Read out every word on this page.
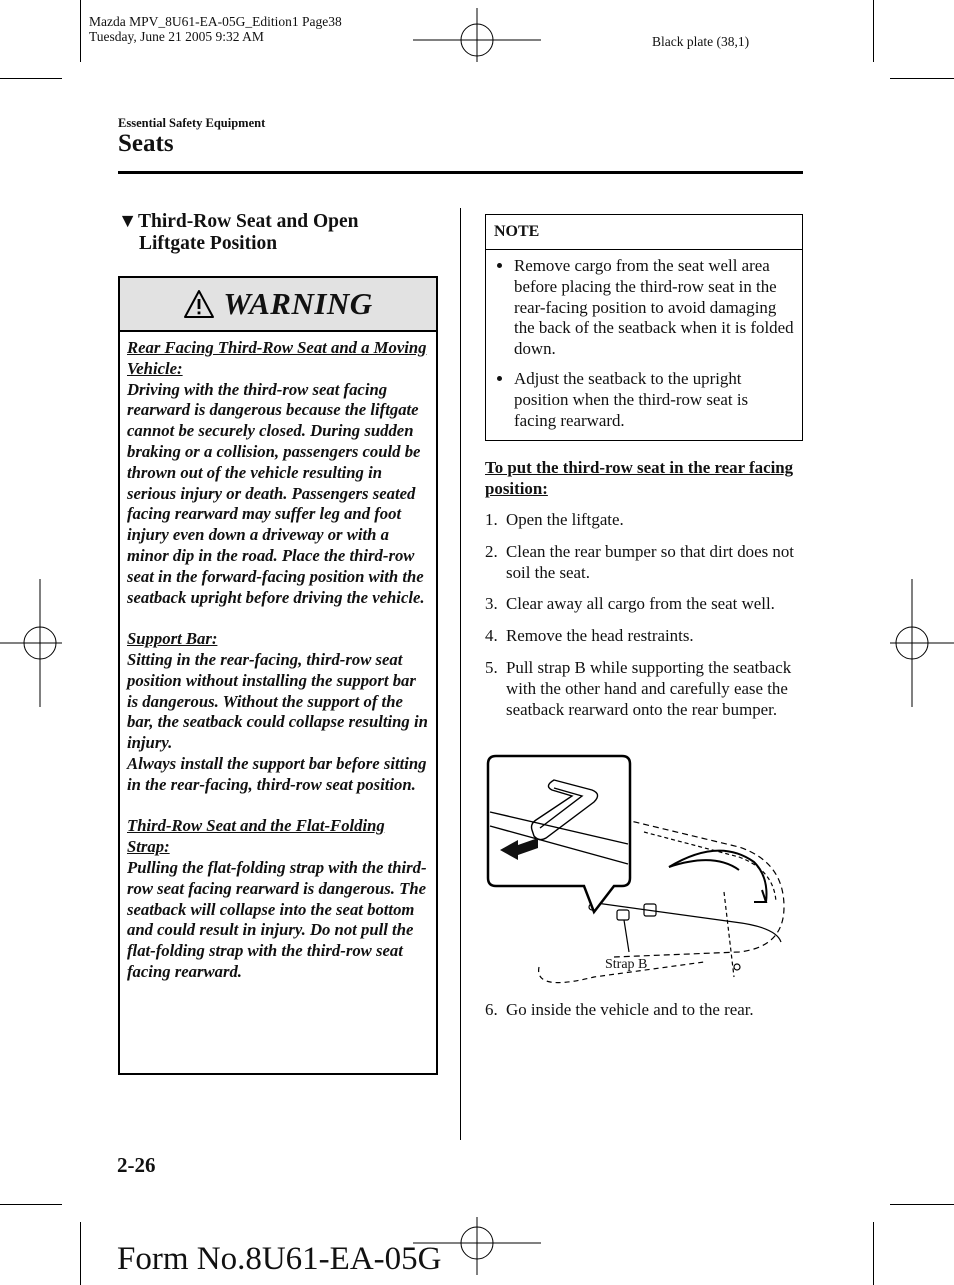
Mazda MPV_8U61-EA-05G_Edition1 Page38
Tuesday, June 21 2005 9:32 AM	Black plate (38,1)
Essential Safety Equipment
Seats
▼Third-Row Seat and Open
Liftgate Position
WARNING

Rear Facing Third-Row Seat and a Moving Vehicle:
Driving with the third-row seat facing rearward is dangerous because the liftgate cannot be securely closed. During sudden braking or a collision, passengers could be thrown out of the vehicle resulting in serious injury or death. Passengers seated facing rearward may suffer leg and foot injury even down a driveway or with a minor dip in the road. Place the third-row seat in the forward-facing position with the seatback upright before driving the vehicle.

Support Bar:
Sitting in the rear-facing, third-row seat position without installing the support bar is dangerous. Without the support of the bar, the seatback could collapse resulting in injury.
Always install the support bar before sitting in the rear-facing, third-row seat position.

Third-Row Seat and the Flat-Folding Strap:
Pulling the flat-folding strap with the third-row seat facing rearward is dangerous. The seatback will collapse into the seat bottom and could result in injury. Do not pull the flat-folding strap with the third-row seat facing rearward.

NOTE
• Remove cargo from the seat well area before placing the third-row seat in the rear-facing position to avoid damaging the back of the seatback when it is folded down.
• Adjust the seatback to the upright position when the third-row seat is facing rearward.
To put the third-row seat in the rear facing position:
1. Open the liftgate.
2. Clean the rear bumper so that dirt does not soil the seat.
3. Clear away all cargo from the seat well.
4. Remove the head restraints.
5. Pull strap B while supporting the seatback with the other hand and carefully ease the seatback rearward onto the rear bumper.
Strap B
6. Go inside the vehicle and to the rear.
2-26
Form No.8U61-EA-05G
